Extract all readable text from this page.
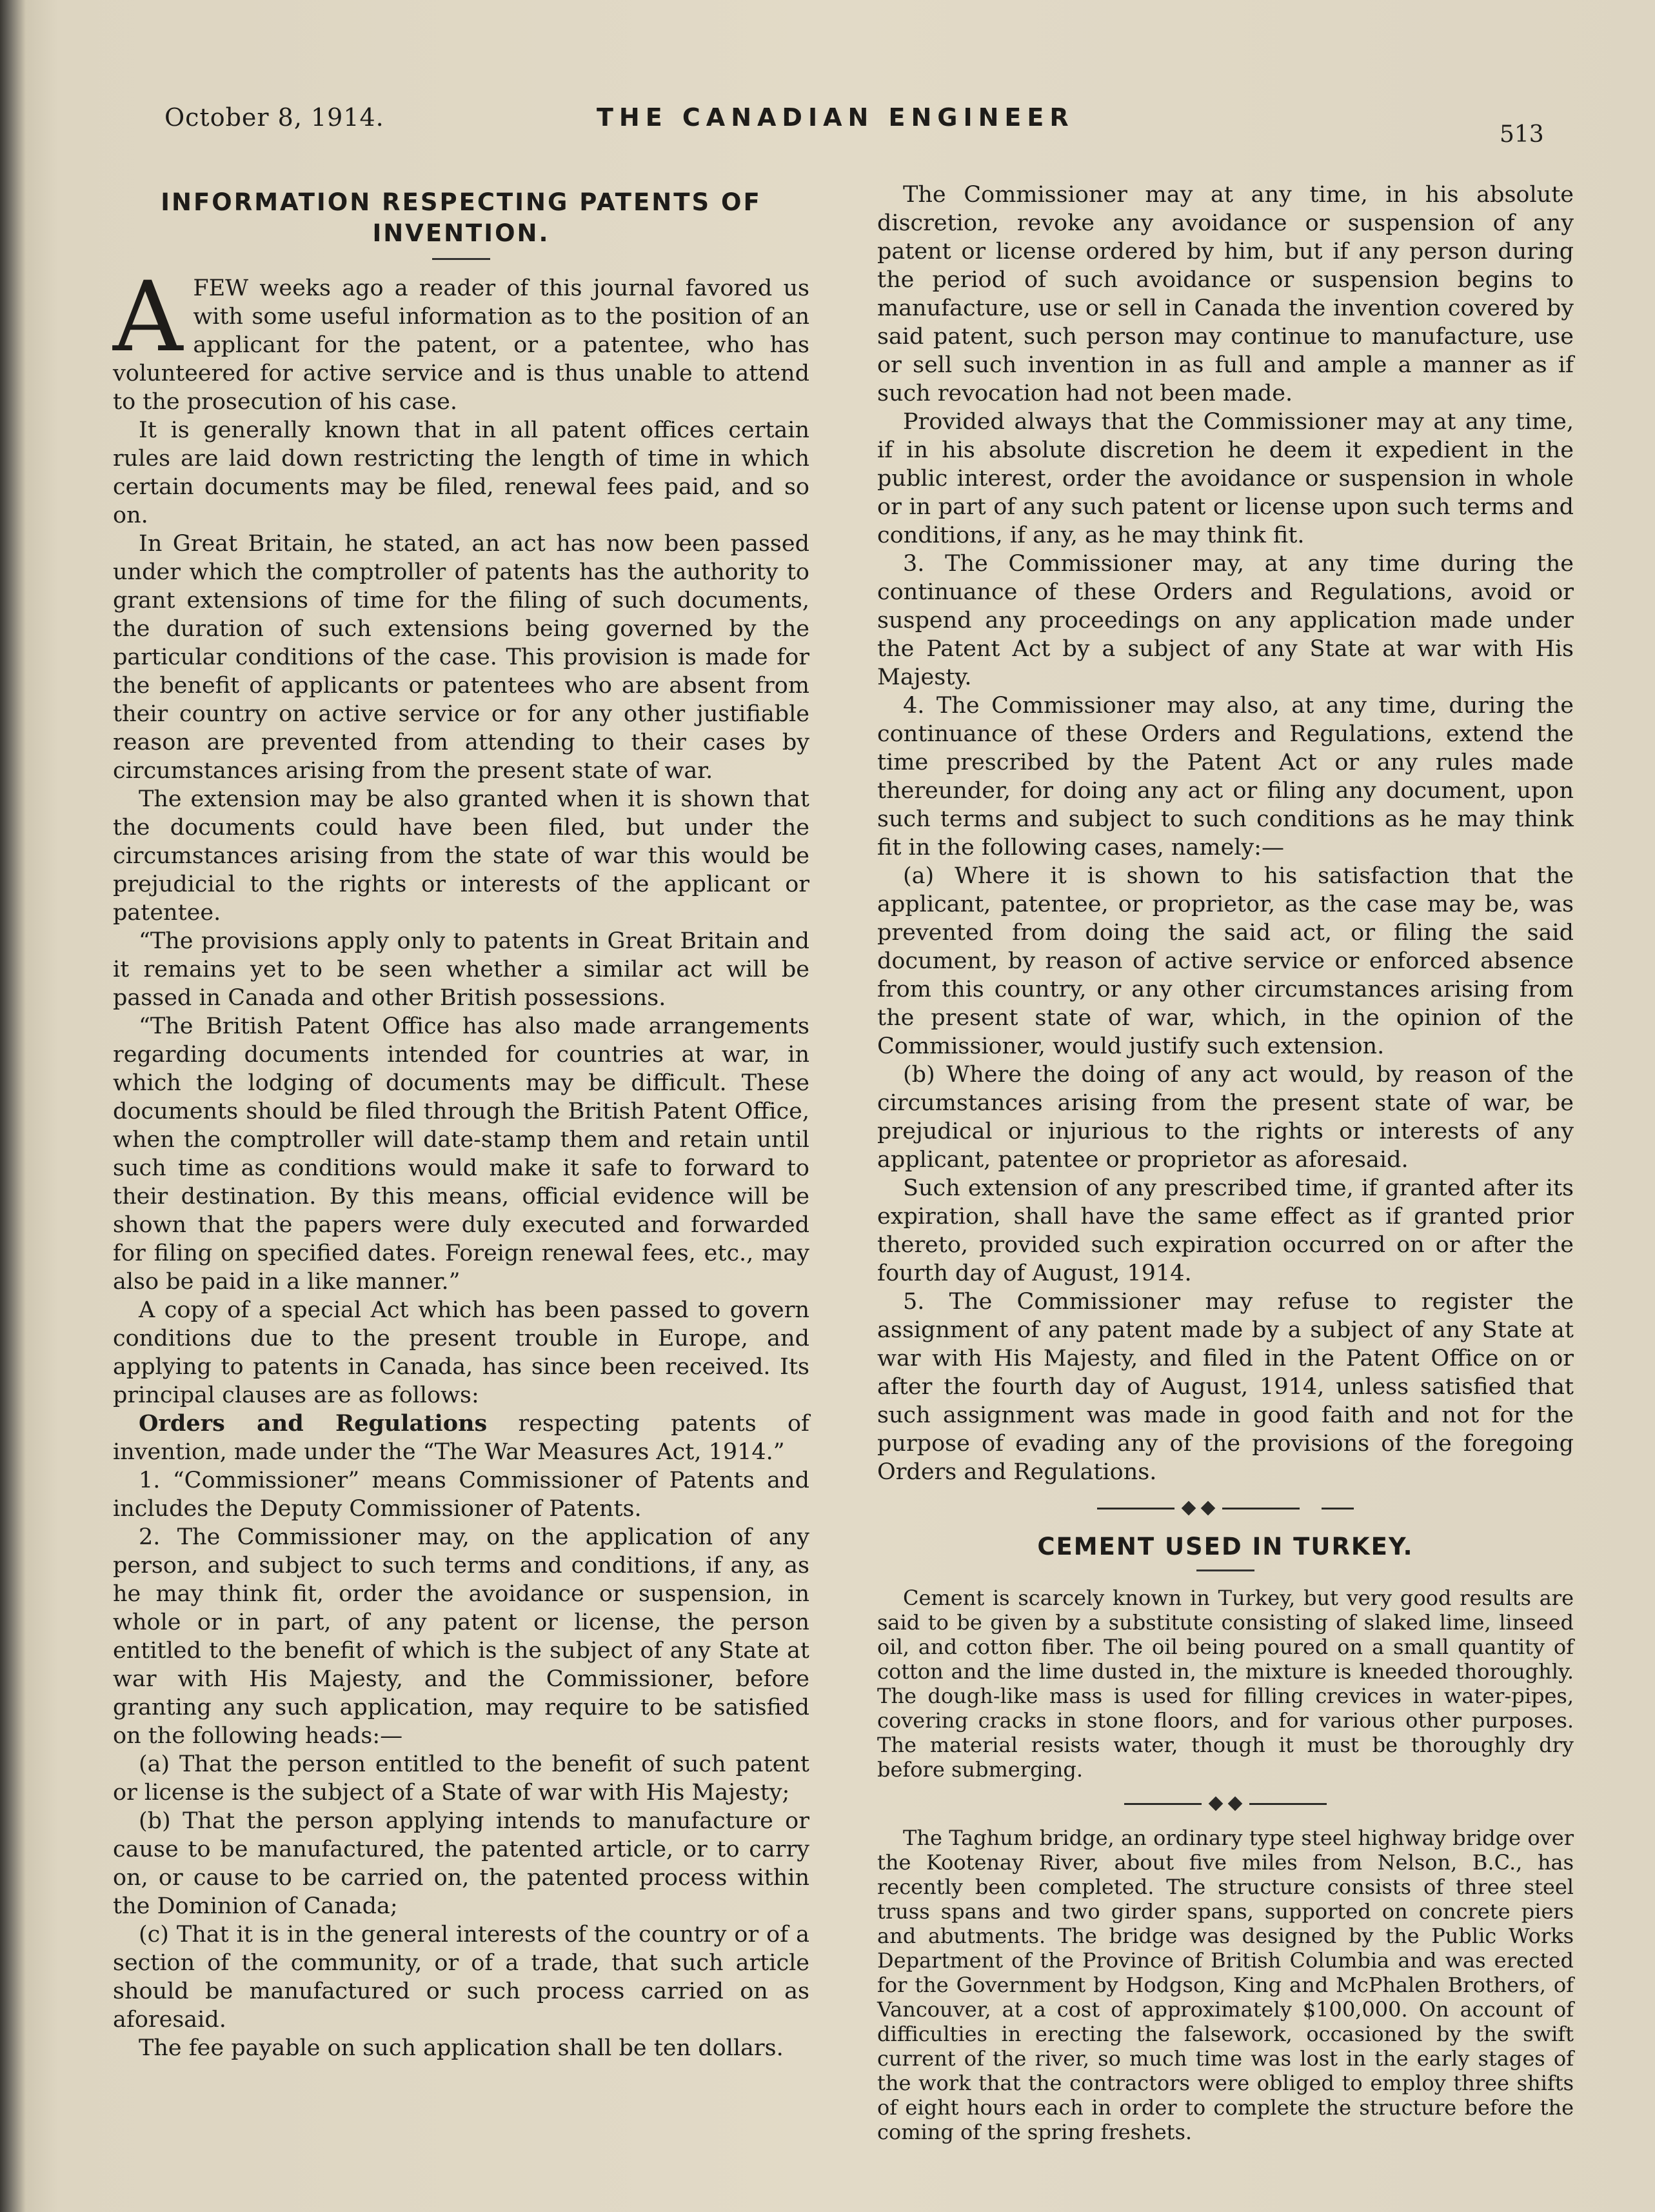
October 8, 1914.	THE CANADIAN ENGINEER
513
INFORMATION RESPECTING PATENTS OF
INVENTION.

AFEW weeks ago a reader of this journal favored us with some useful information as to the position of an applicant for the patent, or a patentee, who has volunteered for active service and is thus unable to attend to the prosecution of his case.

It is generally known that in all patent offices certain rules are laid down restricting the length of time in which certain documents may be filed, renewal fees paid, and so on.

In Great Britain, he stated, an act has now been passed under which the comptroller of patents has the authority to grant extensions of time for the filing of such documents, the duration of such extensions being governed by the particular conditions of the case. This provision is made for the benefit of applicants or patentees who are absent from their country on active service or for any other justifiable reason are prevented from attending to their cases by circumstances arising from the present state of war.

The extension may be also granted when it is shown that the documents could have been filed, but under the circumstances arising from the state of war this would be prejudicial to the rights or interests of the applicant or patentee.

“The provisions apply only to patents in Great Britain and it remains yet to be seen whether a similar act will be passed in Canada and other British possessions.

“The British Patent Office has also made arrangements regarding documents intended for countries at war, in which the lodging of documents may be difficult. These documents should be filed through the British Patent Office, when the comptroller will date-stamp them and retain until such time as conditions would make it safe to forward to their destination. By this means, official evidence will be shown that the papers were duly executed and forwarded for filing on specified dates. Foreign renewal fees, etc., may also be paid in a like manner.”

A copy of a special Act which has been passed to govern conditions due to the present trouble in Europe, and applying to patents in Canada, has since been received. Its principal clauses are as follows:

Orders and Regulations respecting patents of invention, made under the “The War Measures Act, 1914.”

1. “Commissioner” means Commissioner of Patents and includes the Deputy Commissioner of Patents.

2. The Commissioner may, on the application of any person, and subject to such terms and conditions, if any, as he may think fit, order the avoidance or suspension, in whole or in part, of any patent or license, the person entitled to the benefit of which is the subject of any State at war with His Majesty, and the Commissioner, before granting any such application, may require to be satisfied on the following heads:—

(a) That the person entitled to the benefit of such patent or license is the subject of a State of war with His Majesty;

(b) That the person applying intends to manufacture or cause to be manufactured, the patented article, or to carry on, or cause to be carried on, the patented process within the Dominion of Canada;

(c) That it is in the general interests of the country or of a section of the community, or of a trade, that such article should be manufactured or such process carried on as aforesaid.

The fee payable on such application shall be ten dollars.

The Commissioner may at any time, in his absolute discretion, revoke any avoidance or suspension of any patent or license ordered by him, but if any person during the period of such avoidance or suspension begins to manufacture, use or sell in Canada the invention covered by said patent, such person may continue to manufacture, use or sell such invention in as full and ample a manner as if such revocation had not been made.

Provided always that the Commissioner may at any time, if in his absolute discretion he deem it expedient in the public interest, order the avoidance or suspension in whole or in part of any such patent or license upon such terms and conditions, if any, as he may think fit.

3. The Commissioner may, at any time during the continuance of these Orders and Regulations, avoid or suspend any proceedings on any application made under the Patent Act by a subject of any State at war with His Majesty.

4. The Commissioner may also, at any time, during the continuance of these Orders and Regulations, extend the time prescribed by the Patent Act or any rules made thereunder, for doing any act or filing any document, upon such terms and subject to such conditions as he may think fit in the following cases, namely:—

(a) Where it is shown to his satisfaction that the applicant, patentee, or proprietor, as the case may be, was prevented from doing the said act, or filing the said document, by reason of active service or enforced absence from this country, or any other circumstances arising from the present state of war, which, in the opinion of the Commissioner, would justify such extension.

(b) Where the doing of any act would, by reason of the circumstances arising from the present state of war, be prejudical or injurious to the rights or interests of any applicant, patentee or proprietor as aforesaid.

Such extension of any prescribed time, if granted after its expiration, shall have the same effect as if granted prior thereto, provided such expiration occurred on or after the fourth day of August, 1914.

5. The Commissioner may refuse to register the assignment of any patent made by a subject of any State at war with His Majesty, and filed in the Patent Office on or after the fourth day of August, 1914, unless satisfied that such assignment was made in good faith and not for the purpose of evading any of the provisions of the foregoing Orders and Regulations.

CEMENT USED IN TURKEY.

Cement is scarcely known in Turkey, but very good results are said to be given by a substitute consisting of slaked lime, linseed oil, and cotton fiber. The oil being poured on a small quantity of cotton and the lime dusted in, the mixture is kneeded thoroughly. The dough-like mass is used for filling crevices in water-pipes, covering cracks in stone floors, and for various other purposes. The material resists water, though it must be thoroughly dry before submerging.

The Taghum bridge, an ordinary type steel highway bridge over the Kootenay River, about five miles from Nelson, B.C., has recently been completed. The structure consists of three steel truss spans and two girder spans, supported on concrete piers and abutments. The bridge was designed by the Public Works Department of the Province of British Columbia and was erected for the Government by Hodgson, King and McPhalen Brothers, of Vancouver, at a cost of approximately $100,000. On account of difficulties in erecting the falsework, occasioned by the swift current of the river, so much time was lost in the early stages of the work that the contractors were obliged to employ three shifts of eight hours each in order to complete the structure before the coming of the spring freshets.
